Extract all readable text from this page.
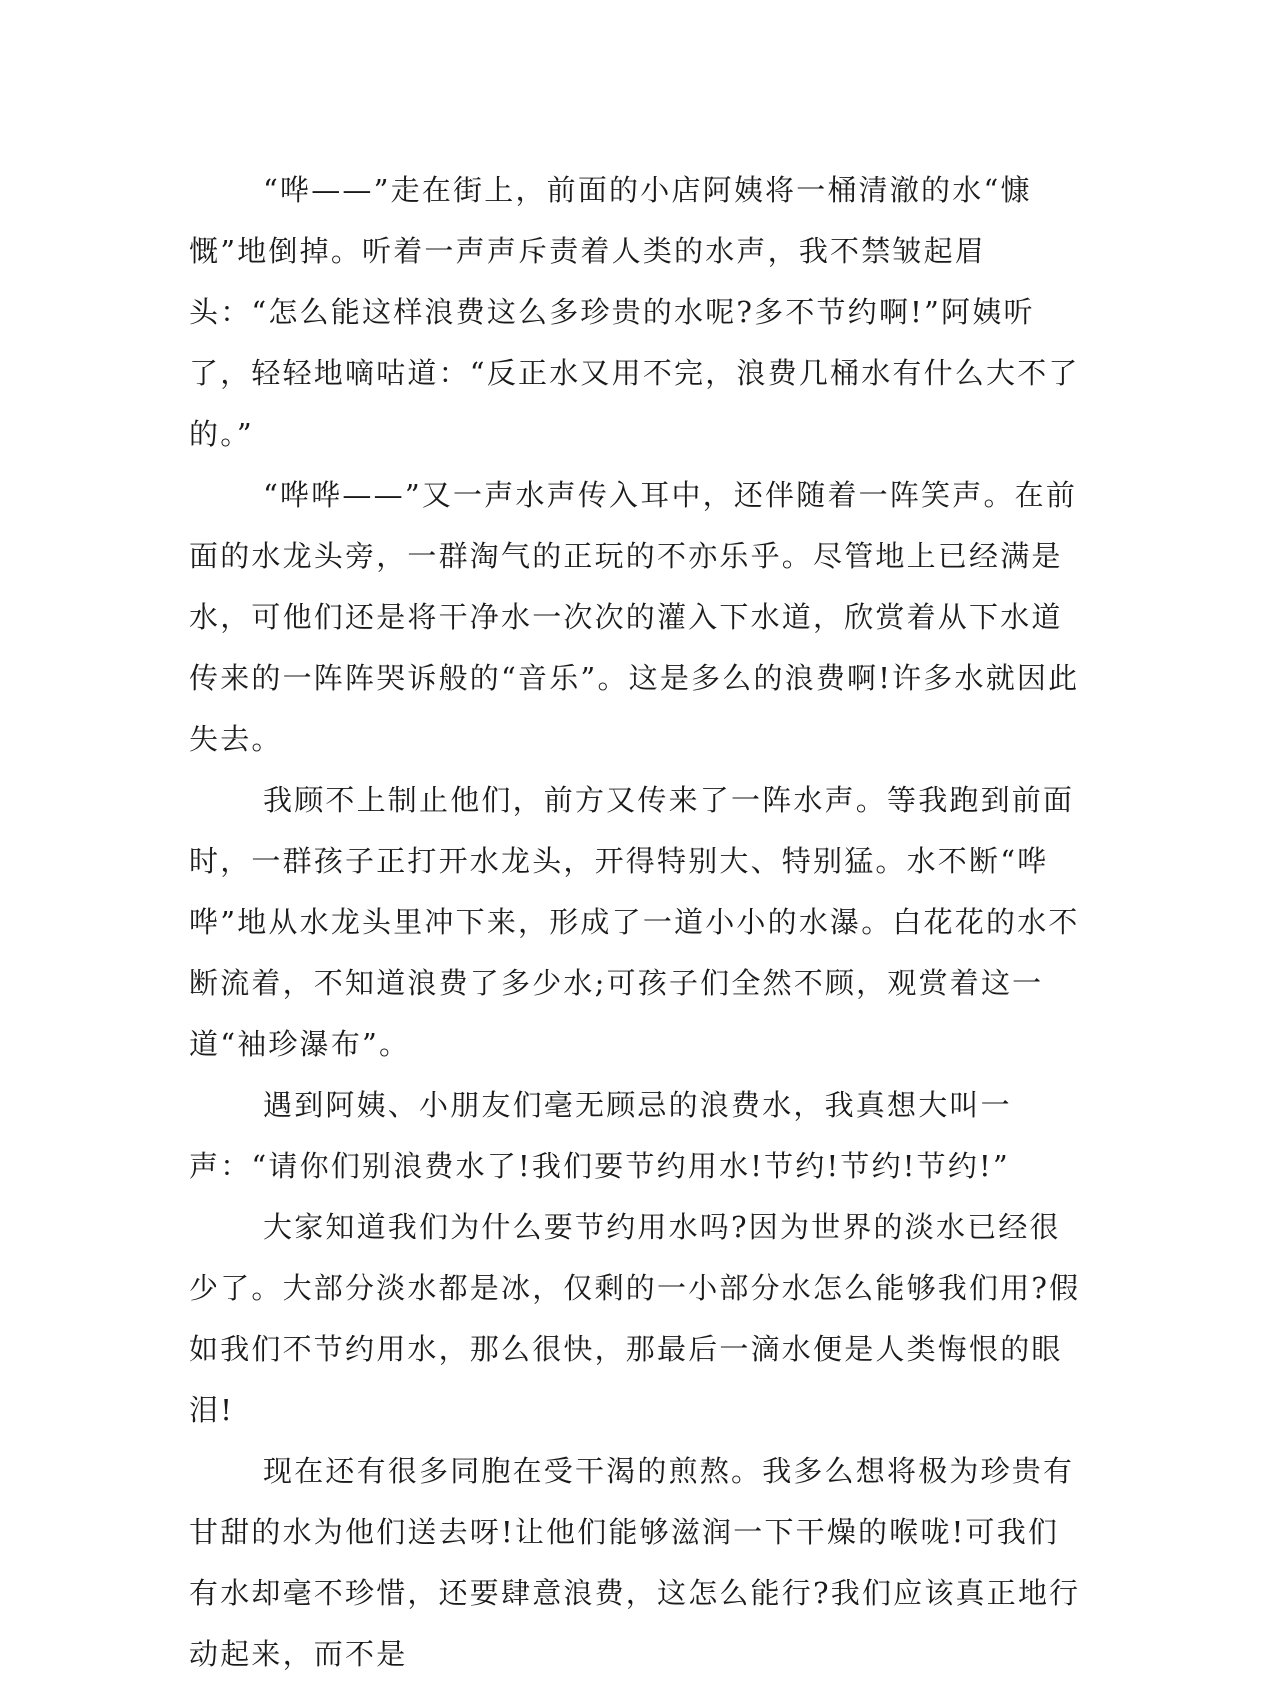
“哗——”走在街上，前面的小店阿姨将一桶清澈的水“慷慨”地倒掉。听着一声声斥责着人类的水声，我不禁皱起眉头：“怎么能这样浪费这么多珍贵的水呢?多不节约啊!”阿姨听了，轻轻地嘀咕道：“反正水又用不完，浪费几桶水有什么大不了的。”

“哗哗——”又一声水声传入耳中，还伴随着一阵笑声。在前面的水龙头旁，一群淘气的正玩的不亦乐乎。尽管地上已经满是水，可他们还是将干净水一次次的灌入下水道，欣赏着从下水道传来的一阵阵哭诉般的“音乐”。这是多么的浪费啊!许多水就因此失去。

我顾不上制止他们，前方又传来了一阵水声。等我跑到前面时，一群孩子正打开水龙头，开得特别大、特别猛。水不断“哗哗”地从水龙头里冲下来，形成了一道小小的水瀑。白花花的水不断流着，不知道浪费了多少水;可孩子们全然不顾，观赏着这一道“袖珍瀑布”。

遇到阿姨、小朋友们毫无顾忌的浪费水，我真想大叫一声：“请你们别浪费水了!我们要节约用水!节约!节约!节约!”

大家知道我们为什么要节约用水吗?因为世界的淡水已经很少了。大部分淡水都是冰，仅剩的一小部分水怎么能够我们用?假如我们不节约用水，那么很快，那最后一滴水便是人类悔恨的眼泪!

现在还有很多同胞在受干渴的煎熬。我多么想将极为珍贵有甘甜的水为他们送去呀!让他们能够滋润一下干燥的喉咙!可我们有水却毫不珍惜，还要肆意浪费，这怎么能行?我们应该真正地行动起来，而不是
